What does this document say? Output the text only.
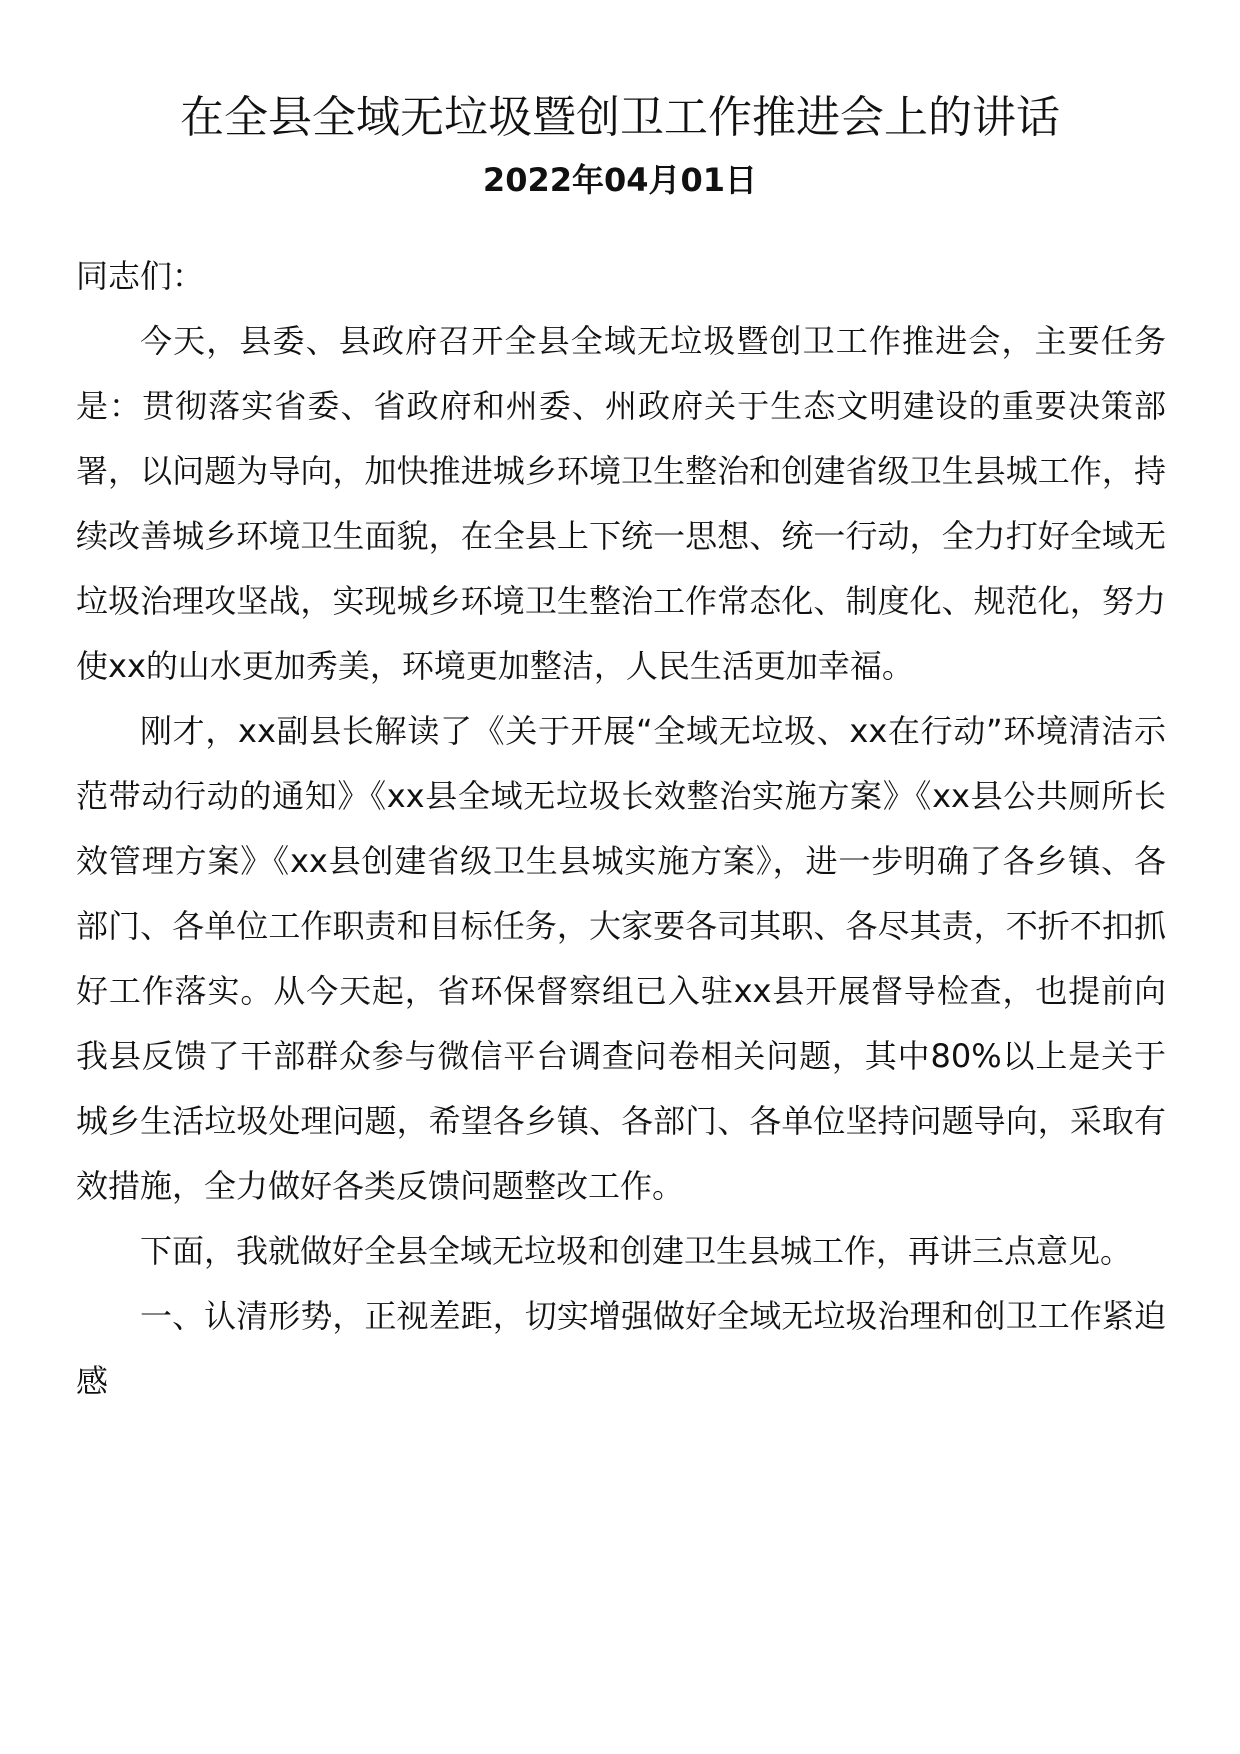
在全县全域无垃圾暨创卫工作推进会上的讲话
2022年04月01日

同志们：

今天，县委、县政府召开全县全域无垃圾暨创卫工作推进会，主要任务是：贯彻落实省委、省政府和州委、州政府关于生态文明建设的重要决策部署，以问题为导向，加快推进城乡环境卫生整治和创建省级卫生县城工作，持续改善城乡环境卫生面貌，在全县上下统一思想、统一行动，全力打好全域无垃圾治理攻坚战，实现城乡环境卫生整治工作常态化、制度化、规范化，努力使xx的山水更加秀美，环境更加整洁，人民生活更加幸福。

刚才，xx副县长解读了《关于开展“全域无垃圾、xx在行动”环境清洁示范带动行动的通知》《xx县全域无垃圾长效整治实施方案》《xx县公共厕所长效管理方案》《xx县创建省级卫生县城实施方案》，进一步明确了各乡镇、各部门、各单位工作职责和目标任务，大家要各司其职、各尽其责，不折不扣抓好工作落实。从今天起，省环保督察组已入驻xx县开展督导检查，也提前向我县反馈了干部群众参与微信平台调查问卷相关问题，其中80%以上是关于城乡生活垃圾处理问题，希望各乡镇、各部门、各单位坚持问题导向，采取有效措施，全力做好各类反馈问题整改工作。

下面，我就做好全县全域无垃圾和创建卫生县城工作，再讲三点意见。

一、认清形势，正视差距，切实增强做好全域无垃圾治理和创卫工作紧迫感
